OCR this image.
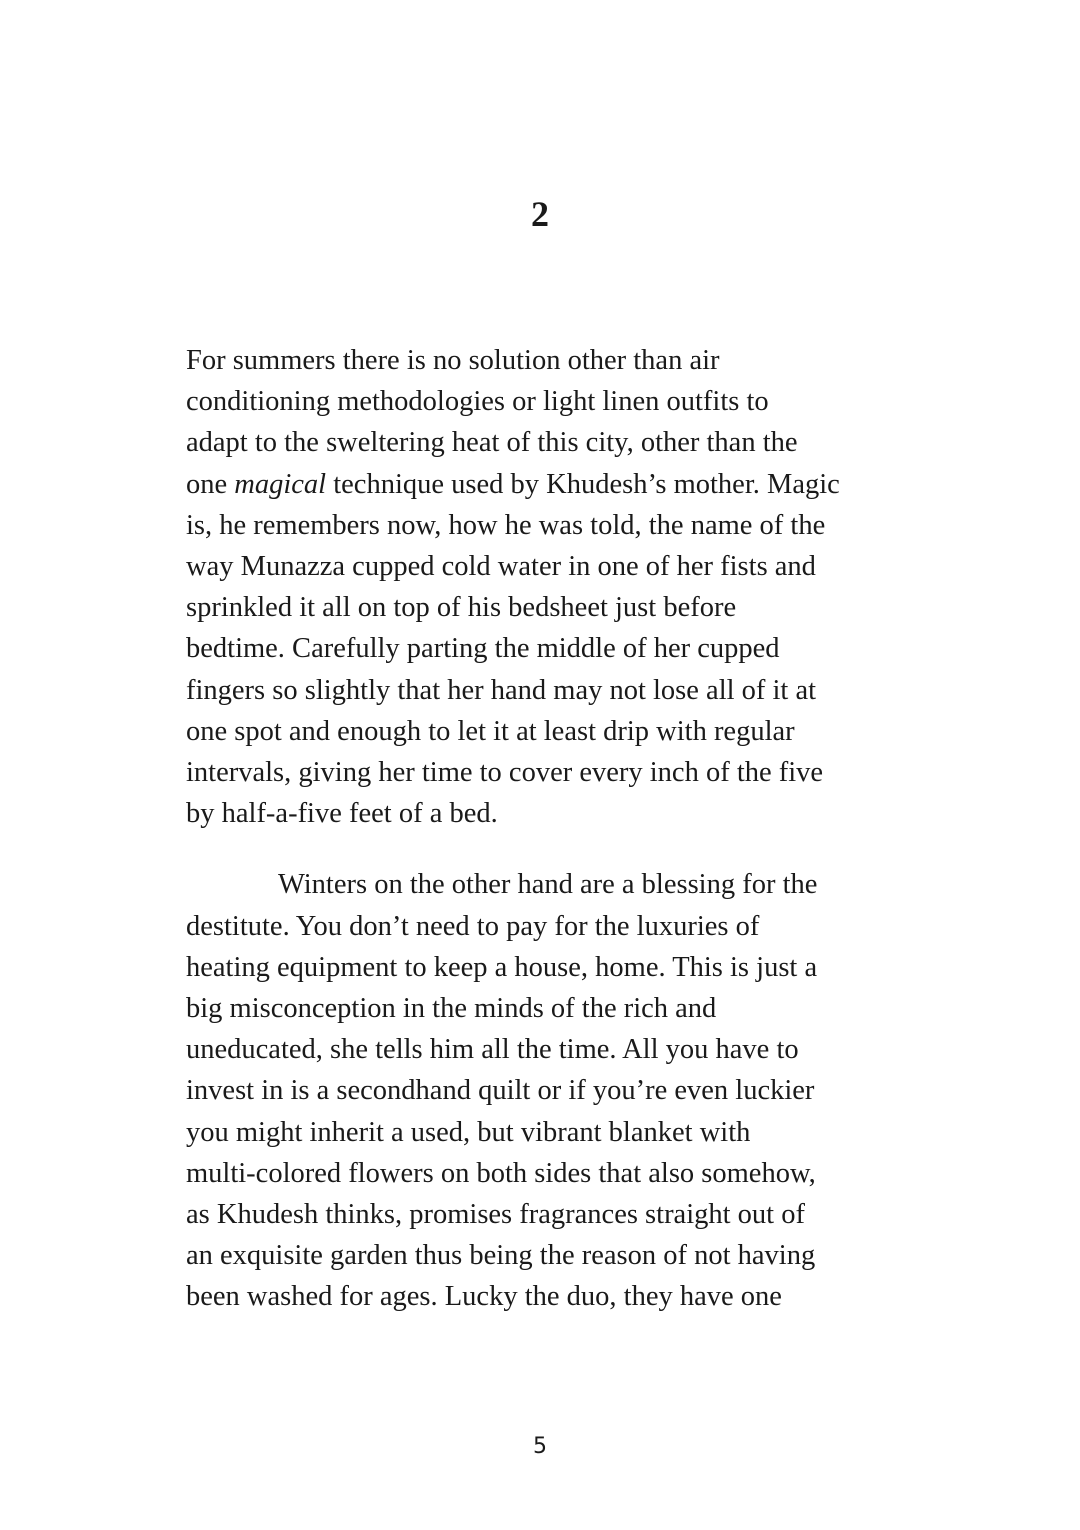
2
For summers there is no solution other than air
conditioning methodologies or light linen outfits to
adapt to the sweltering heat of this city, other than the
one magical technique used by Khudesh’s mother. Magic
is, he remembers now, how he was told, the name of the
way Munazza cupped cold water in one of her fists and
sprinkled it all on top of his bedsheet just before
bedtime. Carefully parting the middle of her cupped
fingers so slightly that her hand may not lose all of it at
one spot and enough to let it at least drip with regular
intervals, giving her time to cover every inch of the five
by half-a-five feet of a bed.
Winters on the other hand are a blessing for the
destitute. You don’t need to pay for the luxuries of
heating equipment to keep a house, home. This is just a
big misconception in the minds of the rich and
uneducated, she tells him all the time. All you have to
invest in is a secondhand quilt or if you’re even luckier
you might inherit a used, but vibrant blanket with
multi-colored flowers on both sides that also somehow,
as Khudesh thinks, promises fragrances straight out of
an exquisite garden thus being the reason of not having
been washed for ages. Lucky the duo, they have one
5
